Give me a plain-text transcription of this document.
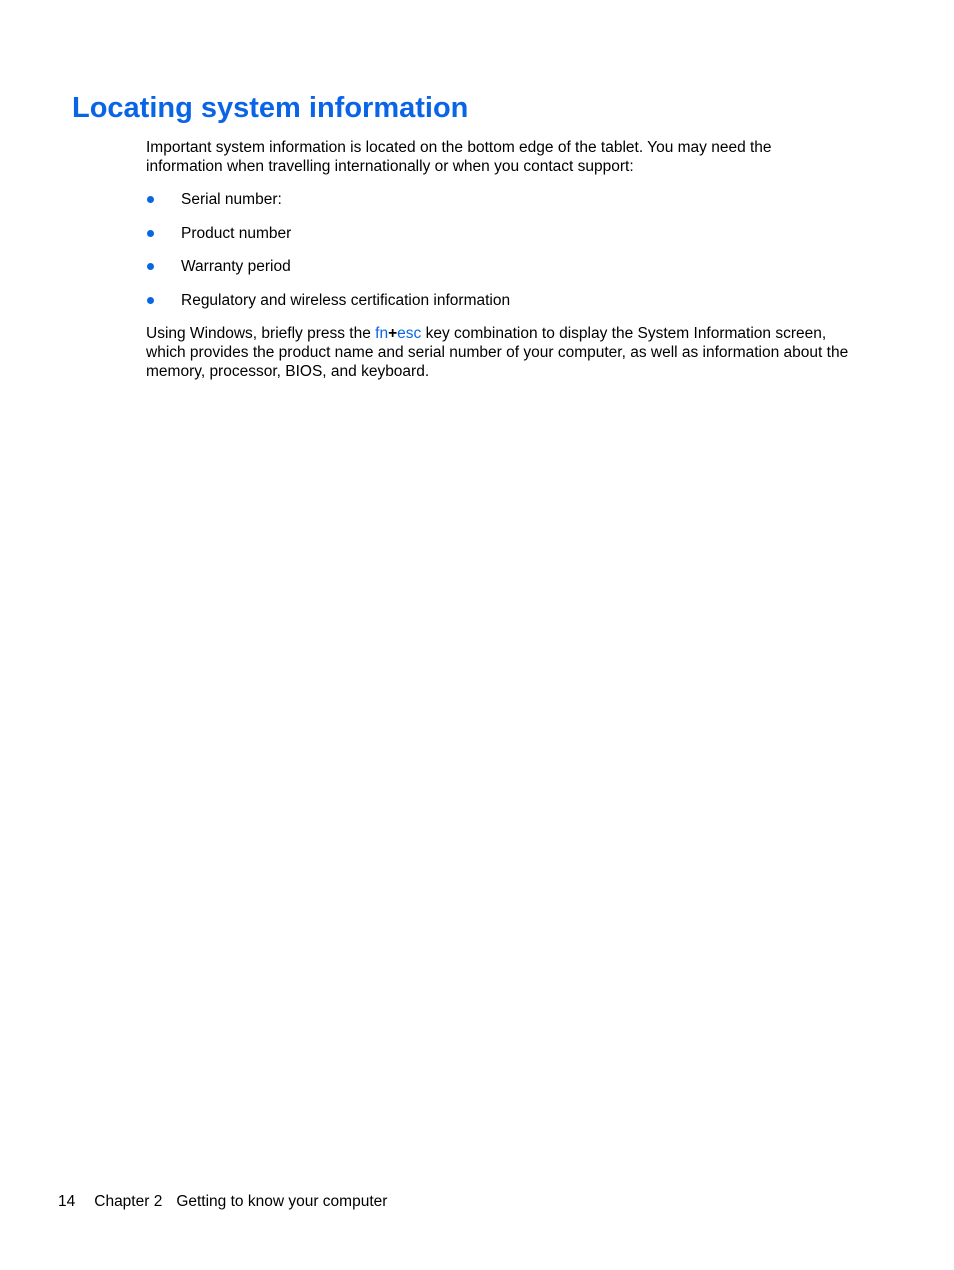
Locating system information

Important system information is located on the bottom edge of the tablet. You may need the information when travelling internationally or when you contact support:

Serial number:
Product number
Warranty period
Regulatory and wireless certification information

Using Windows, briefly press the fn+esc key combination to display the System Information screen, which provides the product name and serial number of your computer, as well as information about the memory, processor, BIOS, and keyboard.

14 Chapter 2 Getting to know your computer
